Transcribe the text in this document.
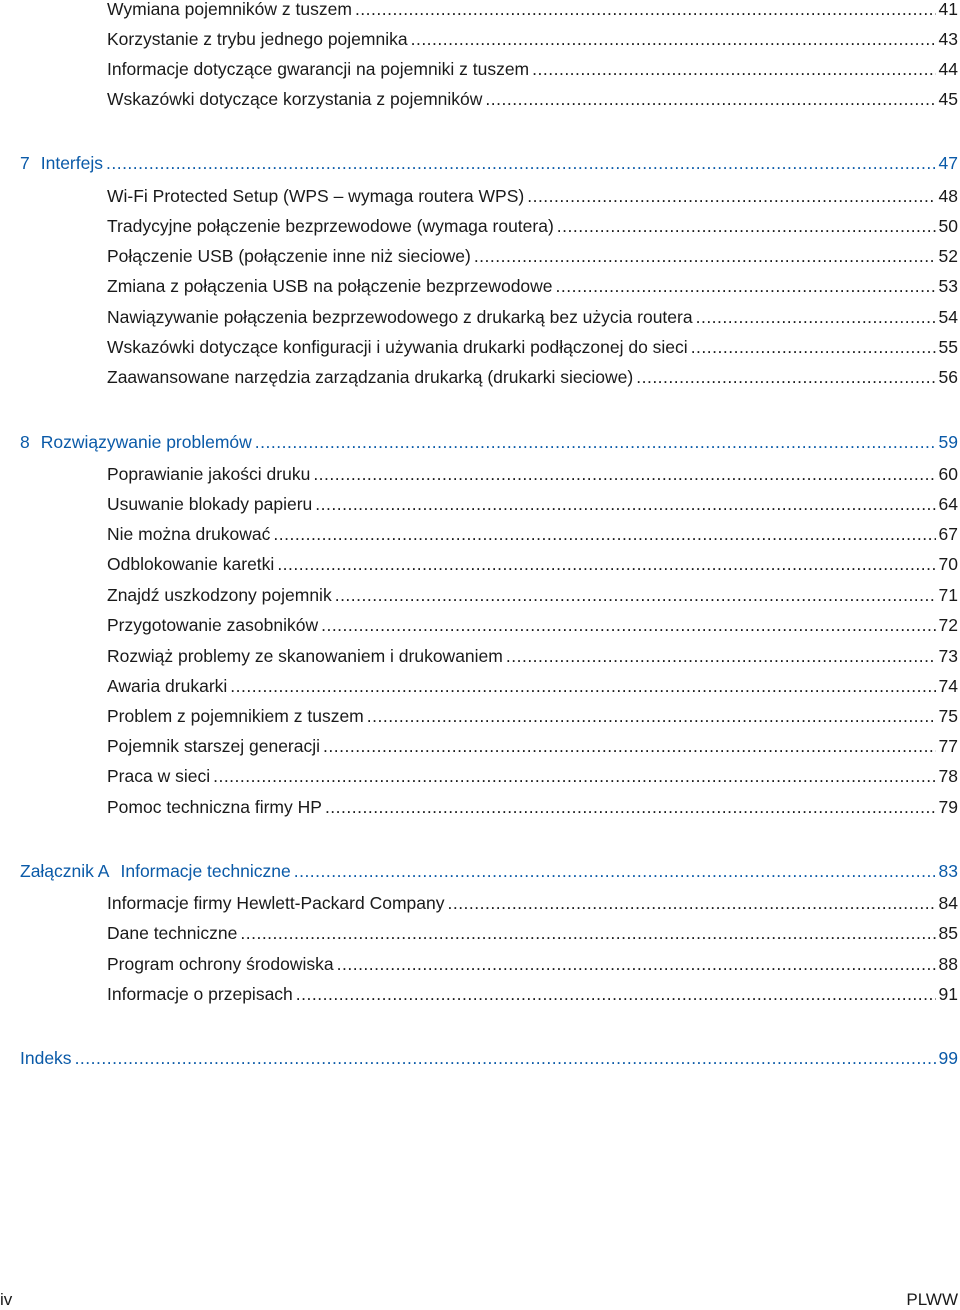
Wymiana pojemników z tuszem .....	41
Korzystanie z trybu jednego pojemnika .....	43
Informacje dotyczące gwarancji na pojemniki z tuszem .....	44
Wskazówki dotyczące korzystania z pojemników .....	45
7 Interfejs .....	47
Wi-Fi Protected Setup (WPS – wymaga routera WPS) .....	48
Tradycyjne połączenie bezprzewodowe (wymaga routera) .....	50
Połączenie USB (połączenie inne niż sieciowe) .....	52
Zmiana z połączenia USB na połączenie bezprzewodowe .....	53
Nawiązywanie połączenia bezprzewodowego z drukarką bez użycia routera .....	54
Wskazówki dotyczące konfiguracji i używania drukarki podłączonej do sieci .....	55
Zaawansowane narzędzia zarządzania drukarką (drukarki sieciowe) .....	56
8 Rozwiązywanie problemów .....	59
Poprawianie jakości druku .....	60
Usuwanie blokady papieru .....	64
Nie można drukować .....	67
Odblokowanie karetki .....	70
Znajdź uszkodzony pojemnik .....	71
Przygotowanie zasobników .....	72
Rozwiąż problemy ze skanowaniem i drukowaniem .....	73
Awaria drukarki .....	74
Problem z pojemnikiem z tuszem .....	75
Pojemnik starszej generacji .....	77
Praca w sieci .....	78
Pomoc techniczna firmy HP .....	79
Załącznik A Informacje techniczne .....	83
Informacje firmy Hewlett-Packard Company .....	84
Dane techniczne .....	85
Program ochrony środowiska .....	88
Informacje o przepisach .....	91
Indeks .....	99
iv	PLWW
